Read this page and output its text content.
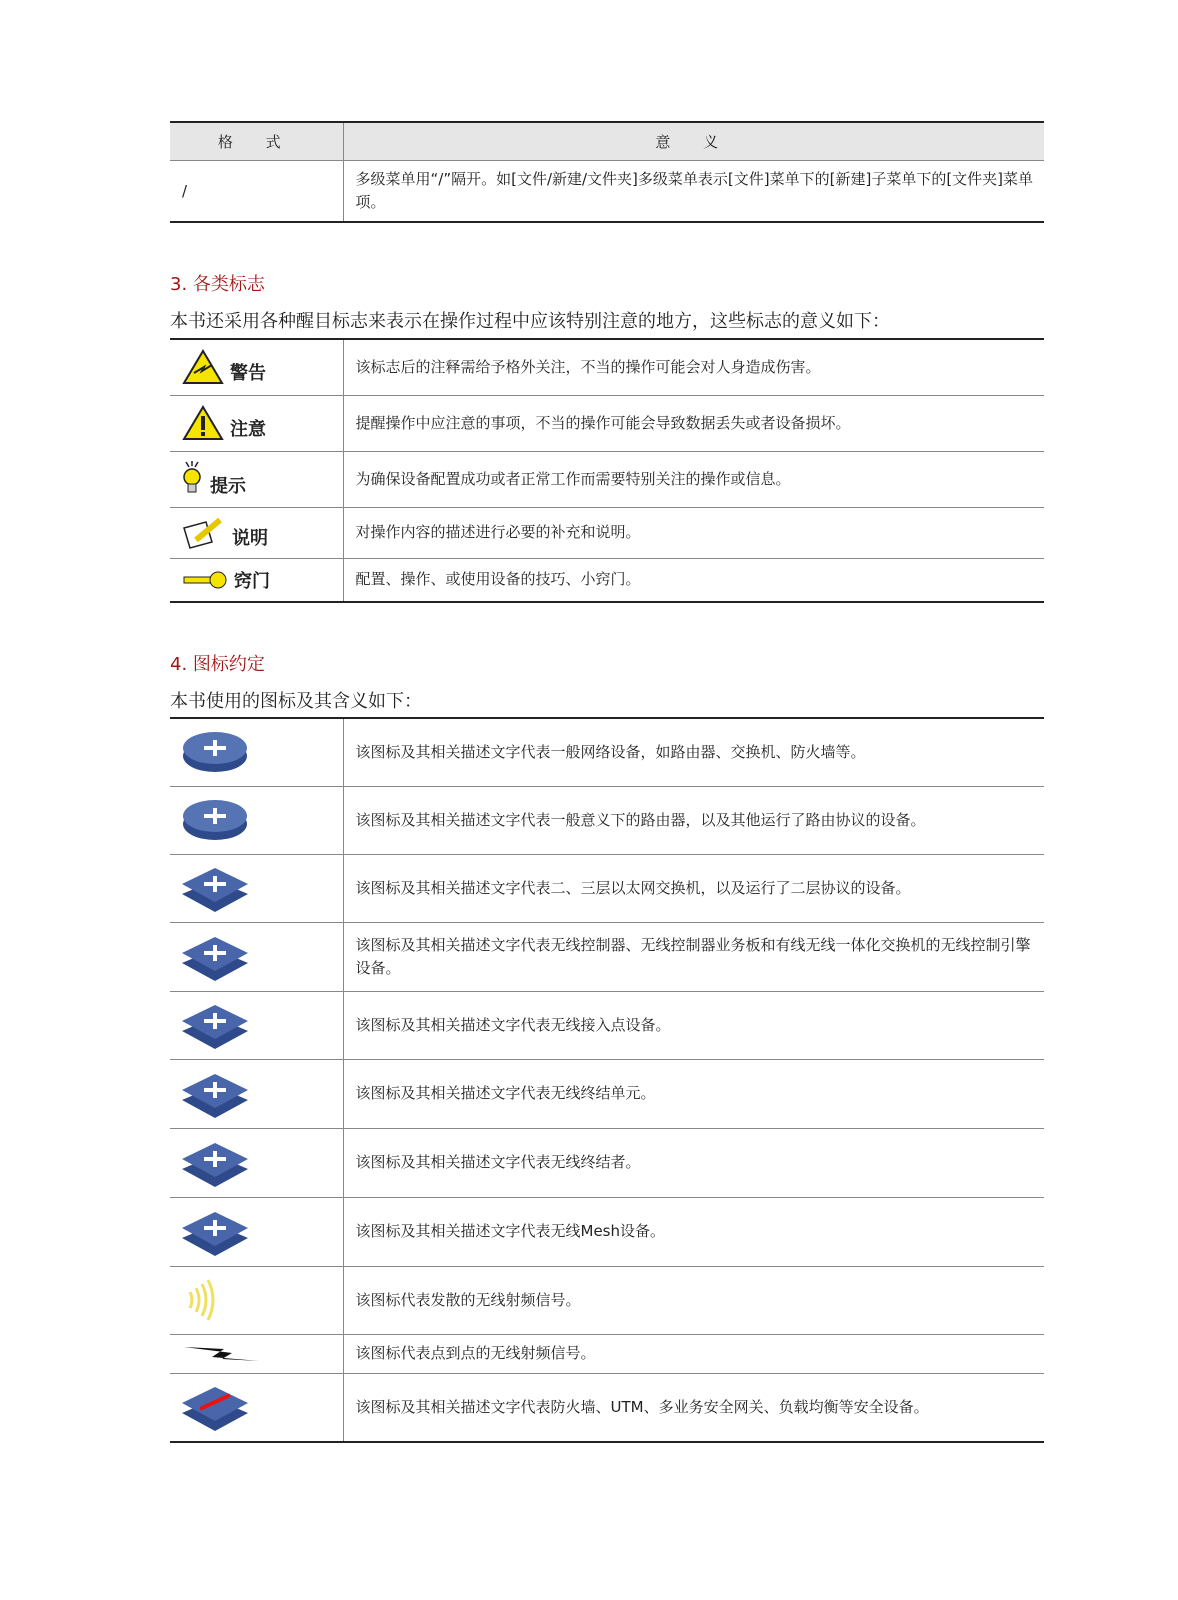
格 式	意 义
/	多级菜单用“/”隔开。如[文件/新建/文件夹]多级菜单表示[文件]菜单下的[新建]子菜单下的[文件夹]菜单项。
3. 各类标志
本书还采用各种醒目标志来表示在操作过程中应该特别注意的地方，这些标志的意义如下：
警告	该标志后的注释需给予格外关注，不当的操作可能会对人身造成伤害。

注意	提醒操作中应注意的事项，不当的操作可能会导致数据丢失或者设备损坏。

提示	为确保设备配置成功或者正常工作而需要特别关注的操作或信息。

说明	对操作内容的描述进行必要的补充和说明。

窍门	配置、操作、或使用设备的技巧、小窍门。
4. 图标约定
本书使用的图标及其含义如下：
	该图标及其相关描述文字代表一般网络设备，如路由器、交换机、防火墙等。

	该图标及其相关描述文字代表一般意义下的路由器，以及其他运行了路由协议的设备。

	该图标及其相关描述文字代表二、三层以太网交换机，以及运行了二层协议的设备。

	该图标及其相关描述文字代表无线控制器、无线控制器业务板和有线无线一体化交换机的无线控制引擎设备。

	该图标及其相关描述文字代表无线接入点设备。

	该图标及其相关描述文字代表无线终结单元。

	该图标及其相关描述文字代表无线终结者。

	该图标及其相关描述文字代表无线Mesh设备。

	该图标代表发散的无线射频信号。

	该图标代表点到点的无线射频信号。

	该图标及其相关描述文字代表防火墙、UTM、多业务安全网关、负载均衡等安全设备。
